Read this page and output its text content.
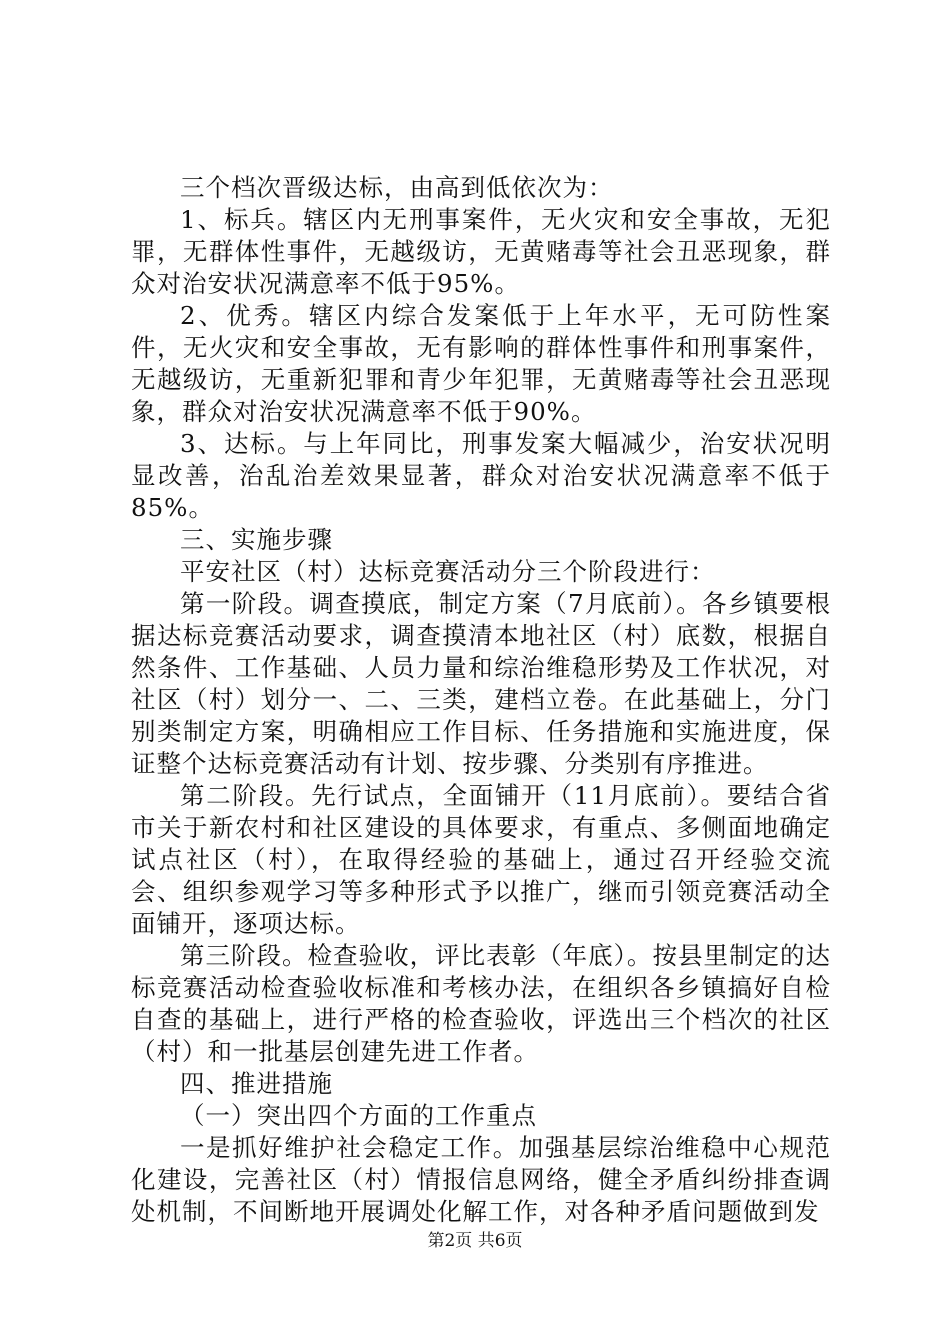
三个档次晋级达标，由高到低依次为：

1、标兵。辖区内无刑事案件，无火灾和安全事故，无犯罪，无群体性事件，无越级访，无黄赌毒等社会丑恶现象，群众对治安状况满意率不低于95%。

2、优秀。辖区内综合发案低于上年水平，无可防性案件，无火灾和安全事故，无有影响的群体性事件和刑事案件，无越级访，无重新犯罪和青少年犯罪，无黄赌毒等社会丑恶现象，群众对治安状况满意率不低于90%。

3、达标。与上年同比，刑事发案大幅减少，治安状况明显改善，治乱治差效果显著，群众对治安状况满意率不低于85%。

三、实施步骤

平安社区（村）达标竞赛活动分三个阶段进行：

第一阶段。调查摸底，制定方案（7月底前）。各乡镇要根据达标竞赛活动要求，调查摸清本地社区（村）底数，根据自然条件、工作基础、人员力量和综治维稳形势及工作状况，对社区（村）划分一、二、三类，建档立卷。在此基础上，分门别类制定方案，明确相应工作目标、任务措施和实施进度，保证整个达标竞赛活动有计划、按步骤、分类别有序推进。

第二阶段。先行试点，全面铺开（11月底前）。要结合省市关于新农村和社区建设的具体要求，有重点、多侧面地确定试点社区（村），在取得经验的基础上，通过召开经验交流会、组织参观学习等多种形式予以推广，继而引领竞赛活动全面铺开，逐项达标。

第三阶段。检查验收，评比表彰（年底）。按县里制定的达标竞赛活动检查验收标准和考核办法，在组织各乡镇搞好自检自查的基础上，进行严格的检查验收，评选出三个档次的社区（村）和一批基层创建先进工作者。

四、推进措施

（一）突出四个方面的工作重点

一是抓好维护社会稳定工作。加强基层综治维稳中心规范化建设，完善社区（村）情报信息网络，健全矛盾纠纷排查调处机制，不间断地开展调处化解工作，对各种矛盾问题做到发

第2页 共6页
